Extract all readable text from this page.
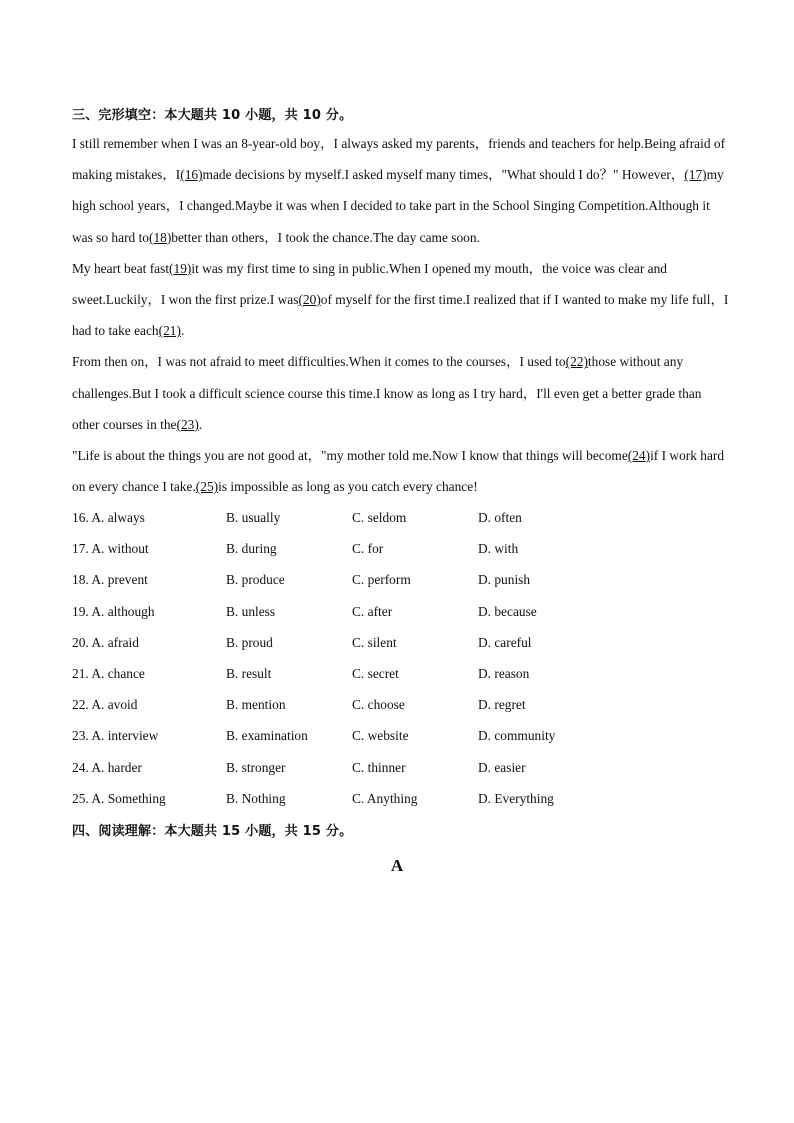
三、完形填空：本大题共 10 小题，共 10 分。

I still remember when I was an 8-year-old boy，I always asked my parents，friends and teachers for help.Being afraid of making mistakes，I(16)made decisions by myself.I asked myself many times，"What should I do？" However，(17)my high school years，I changed.Maybe it was when I decided to take part in the School Singing Competition.Although it was so hard to(18)better than others，I took the chance.The day came soon.

My heart beat fast(19)it was my first time to sing in public.When I opened my mouth，the voice was clear and sweet.Luckily，I won the first prize.I was(20)of myself for the first time.I realized that if I wanted to make my life full，I had to take each(21).

From then on，I was not afraid to meet difficulties.When it comes to the courses，I used to(22)those without any challenges.But I took a difficult science course this time.I know as long as I try hard，I'll even get a better grade than other courses in the(23).

"Life is about the things you are not good at，"my mother told me.Now I know that things will become(24)if I work hard on every chance I take.(25)is impossible as long as you catch every chance!

16. A. always	B. usually	C. seldom	D. often
17. A. without	B. during	C. for	D. with
18. A. prevent	B. produce	C. perform	D. punish
19. A. although	B. unless	C. after	D. because
20. A. afraid	B. proud	C. silent	D. careful
21. A. chance	B. result	C. secret	D. reason
22. A. avoid	B. mention	C. choose	D. regret
23. A. interview	B. examination	C. website	D. community
24. A. harder	B. stronger	C. thinner	D. easier
25. A. Something	B. Nothing	C. Anything	D. Everything
四、阅读理解：本大题共 15 小题，共 15 分。
A
